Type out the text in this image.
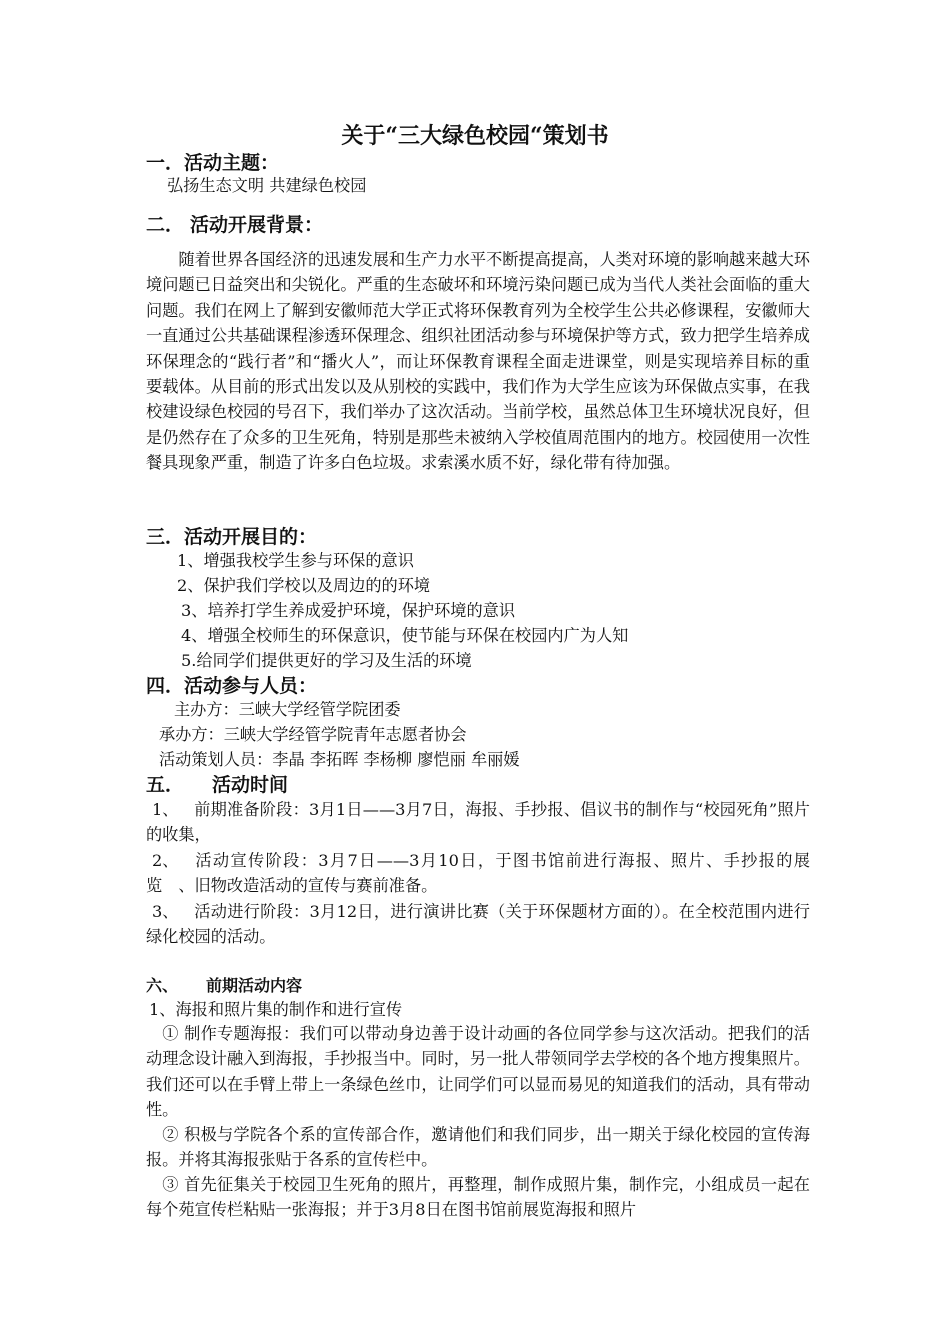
关于“三大绿色校园“策划书
一．活动主题：
弘扬生态文明 共建绿色校园
二． 活动开展背景：

随着世界各国经济的迅速发展和生产力水平不断提高提高，人类对环境的影响越来越大环境问题已日益突出和尖锐化。严重的生态破坏和环境污染问题已成为当代人类社会面临的重大问题。我们在网上了解到安徽师范大学正式将环保教育列为全校学生公共必修课程，安徽师大一直通过公共基础课程渗透环保理念、组织社团活动参与环境保护等方式，致力把学生培养成环保理念的“践行者”和“播火人”，而让环保教育课程全面走进课堂，则是实现培养目标的重要载体。从目前的形式出发以及从别校的实践中，我们作为大学生应该为环保做点实事，在我校建设绿色校园的号召下，我们举办了这次活动。当前学校，虽然总体卫生环境状况良好，但是仍然存在了众多的卫生死角，特别是那些未被纳入学校值周范围内的地方。校园使用一次性餐具现象严重，制造了许多白色垃圾。求索溪水质不好，绿化带有待加强。

三．活动开展目的：
1、增强我校学生参与环保的意识
2、保护我们学校以及周边的的环境
3、培养打学生养成爱护环境，保护环境的意识
4、增强全校师生的环保意识，使节能与环保在校园内广为人知
5.给同学们提供更好的学习及生活的环境
四．活动参与人员：
主办方：三峡大学经管学院团委
承办方：三峡大学经管学院青年志愿者协会
活动策划人员：李晶 李拓晖 李杨柳 廖恺丽 牟丽媛
五． 活动时间

1、 前期准备阶段：3月1日——3月7日，海报、手抄报、倡议书的制作与“校园死角”照片的收集，

2、 活动宣传阶段：3月7日——3月10日，于图书馆前进行海报、照片、手抄报的展览　、旧物改造活动的宣传与赛前准备。

3、 活动进行阶段：3月12日，进行演讲比赛（关于环保题材方面的）。在全校范围内进行绿化校园的活动。

六、 前期活动内容
1、海报和照片集的制作和进行宣传

① 制作专题海报：我们可以带动身边善于设计动画的各位同学参与这次活动。把我们的活动理念设计融入到海报，手抄报当中。同时，另一批人带领同学去学校的各个地方搜集照片。我们还可以在手臂上带上一条绿色丝巾，让同学们可以显而易见的知道我们的活动，具有带动性。

② 积极与学院各个系的宣传部合作，邀请他们和我们同步，出一期关于绿化校园的宣传海报。并将其海报张贴于各系的宣传栏中。

③ 首先征集关于校园卫生死角的照片，再整理，制作成照片集，制作完，小组成员一起在每个苑宣传栏粘贴一张海报；并于3月8日在图书馆前展览海报和照片
